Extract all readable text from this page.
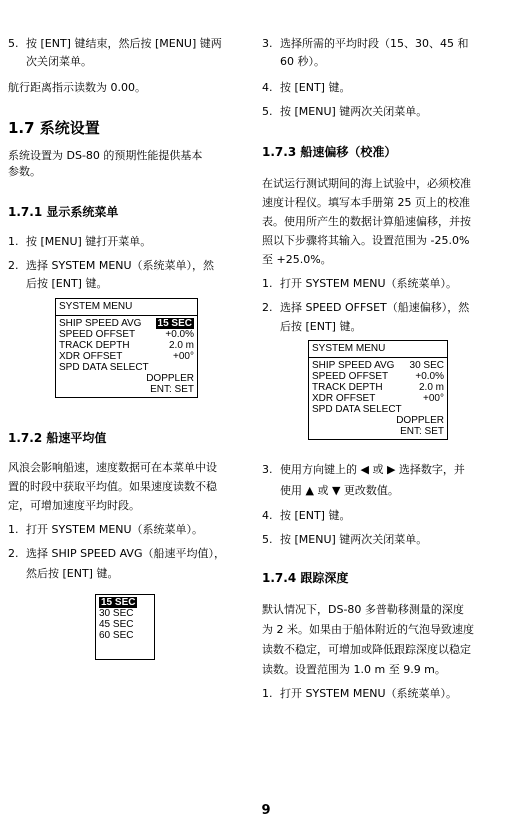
5. 按 [ENT] 键结束，然后按 [MENU] 键两
次关闭菜单。
航行距离指示读数为 0.00。
1.7 系统设置
系统设置为 DS-80 的预期性能提供基本
参数。
1.7.1 显示系统菜单
1. 按 [MENU] 键打开菜单。
2. 选择 SYSTEM MENU（系统菜单），然
后按 [ENT] 键。
SYSTEM MENU
SHIP SPEED AVG 15 SEC
SPEED OFFSET	+0.0%
TRACK DEPTH	2.0 m
XDR OFFSET	+00°
SPD DATA SELECT
DOPPLER
ENT: SET
1.7.2 船速平均值
风浪会影响船速，速度数据可在本菜单中设
置的时段中获取平均值。如果速度读数不稳
定，可增加速度平均时段。
1. 打开 SYSTEM MENU（系统菜单）。
2. 选择 SHIP SPEED AVG（船速平均值），
然后按 [ENT] 键。
15 SEC
30 SEC
45 SEC
60 SEC
3. 选择所需的平均时段（15、30、45 和
60 秒）。
4. 按 [ENT] 键。
5. 按 [MENU] 键两次关闭菜单。
1.7.3 船速偏移（校准）
在试运行测试期间的海上试验中，必须校准
速度计程仪。填写本手册第 25 页上的校准
表。使用所产生的数据计算船速偏移，并按
照以下步骤将其输入。设置范围为 -25.0%
至 +25.0%。
1. 打开 SYSTEM MENU（系统菜单）。
2. 选择 SPEED OFFSET（船速偏移），然
后按 [ENT] 键。
SYSTEM MENU
SHIP SPEED AVG 30 SEC
SPEED OFFSET	+0.0%
TRACK DEPTH	2.0 m
XDR OFFSET	+00°
SPD DATA SELECT
DOPPLER
ENT: SET
3. 使用方向键上的 ◀ 或 ▶ 选择数字，并
使用 ▲ 或 ▼ 更改数值。
4. 按 [ENT] 键。
5. 按 [MENU] 键两次关闭菜单。
1.7.4 跟踪深度
默认情况下，DS-80 多普勒移测量的深度
为 2 米。如果由于船体附近的气泡导致速度
读数不稳定，可增加或降低跟踪深度以稳定
读数。设置范围为 1.0 m 至 9.9 m。
1. 打开 SYSTEM MENU（系统菜单）。
9
